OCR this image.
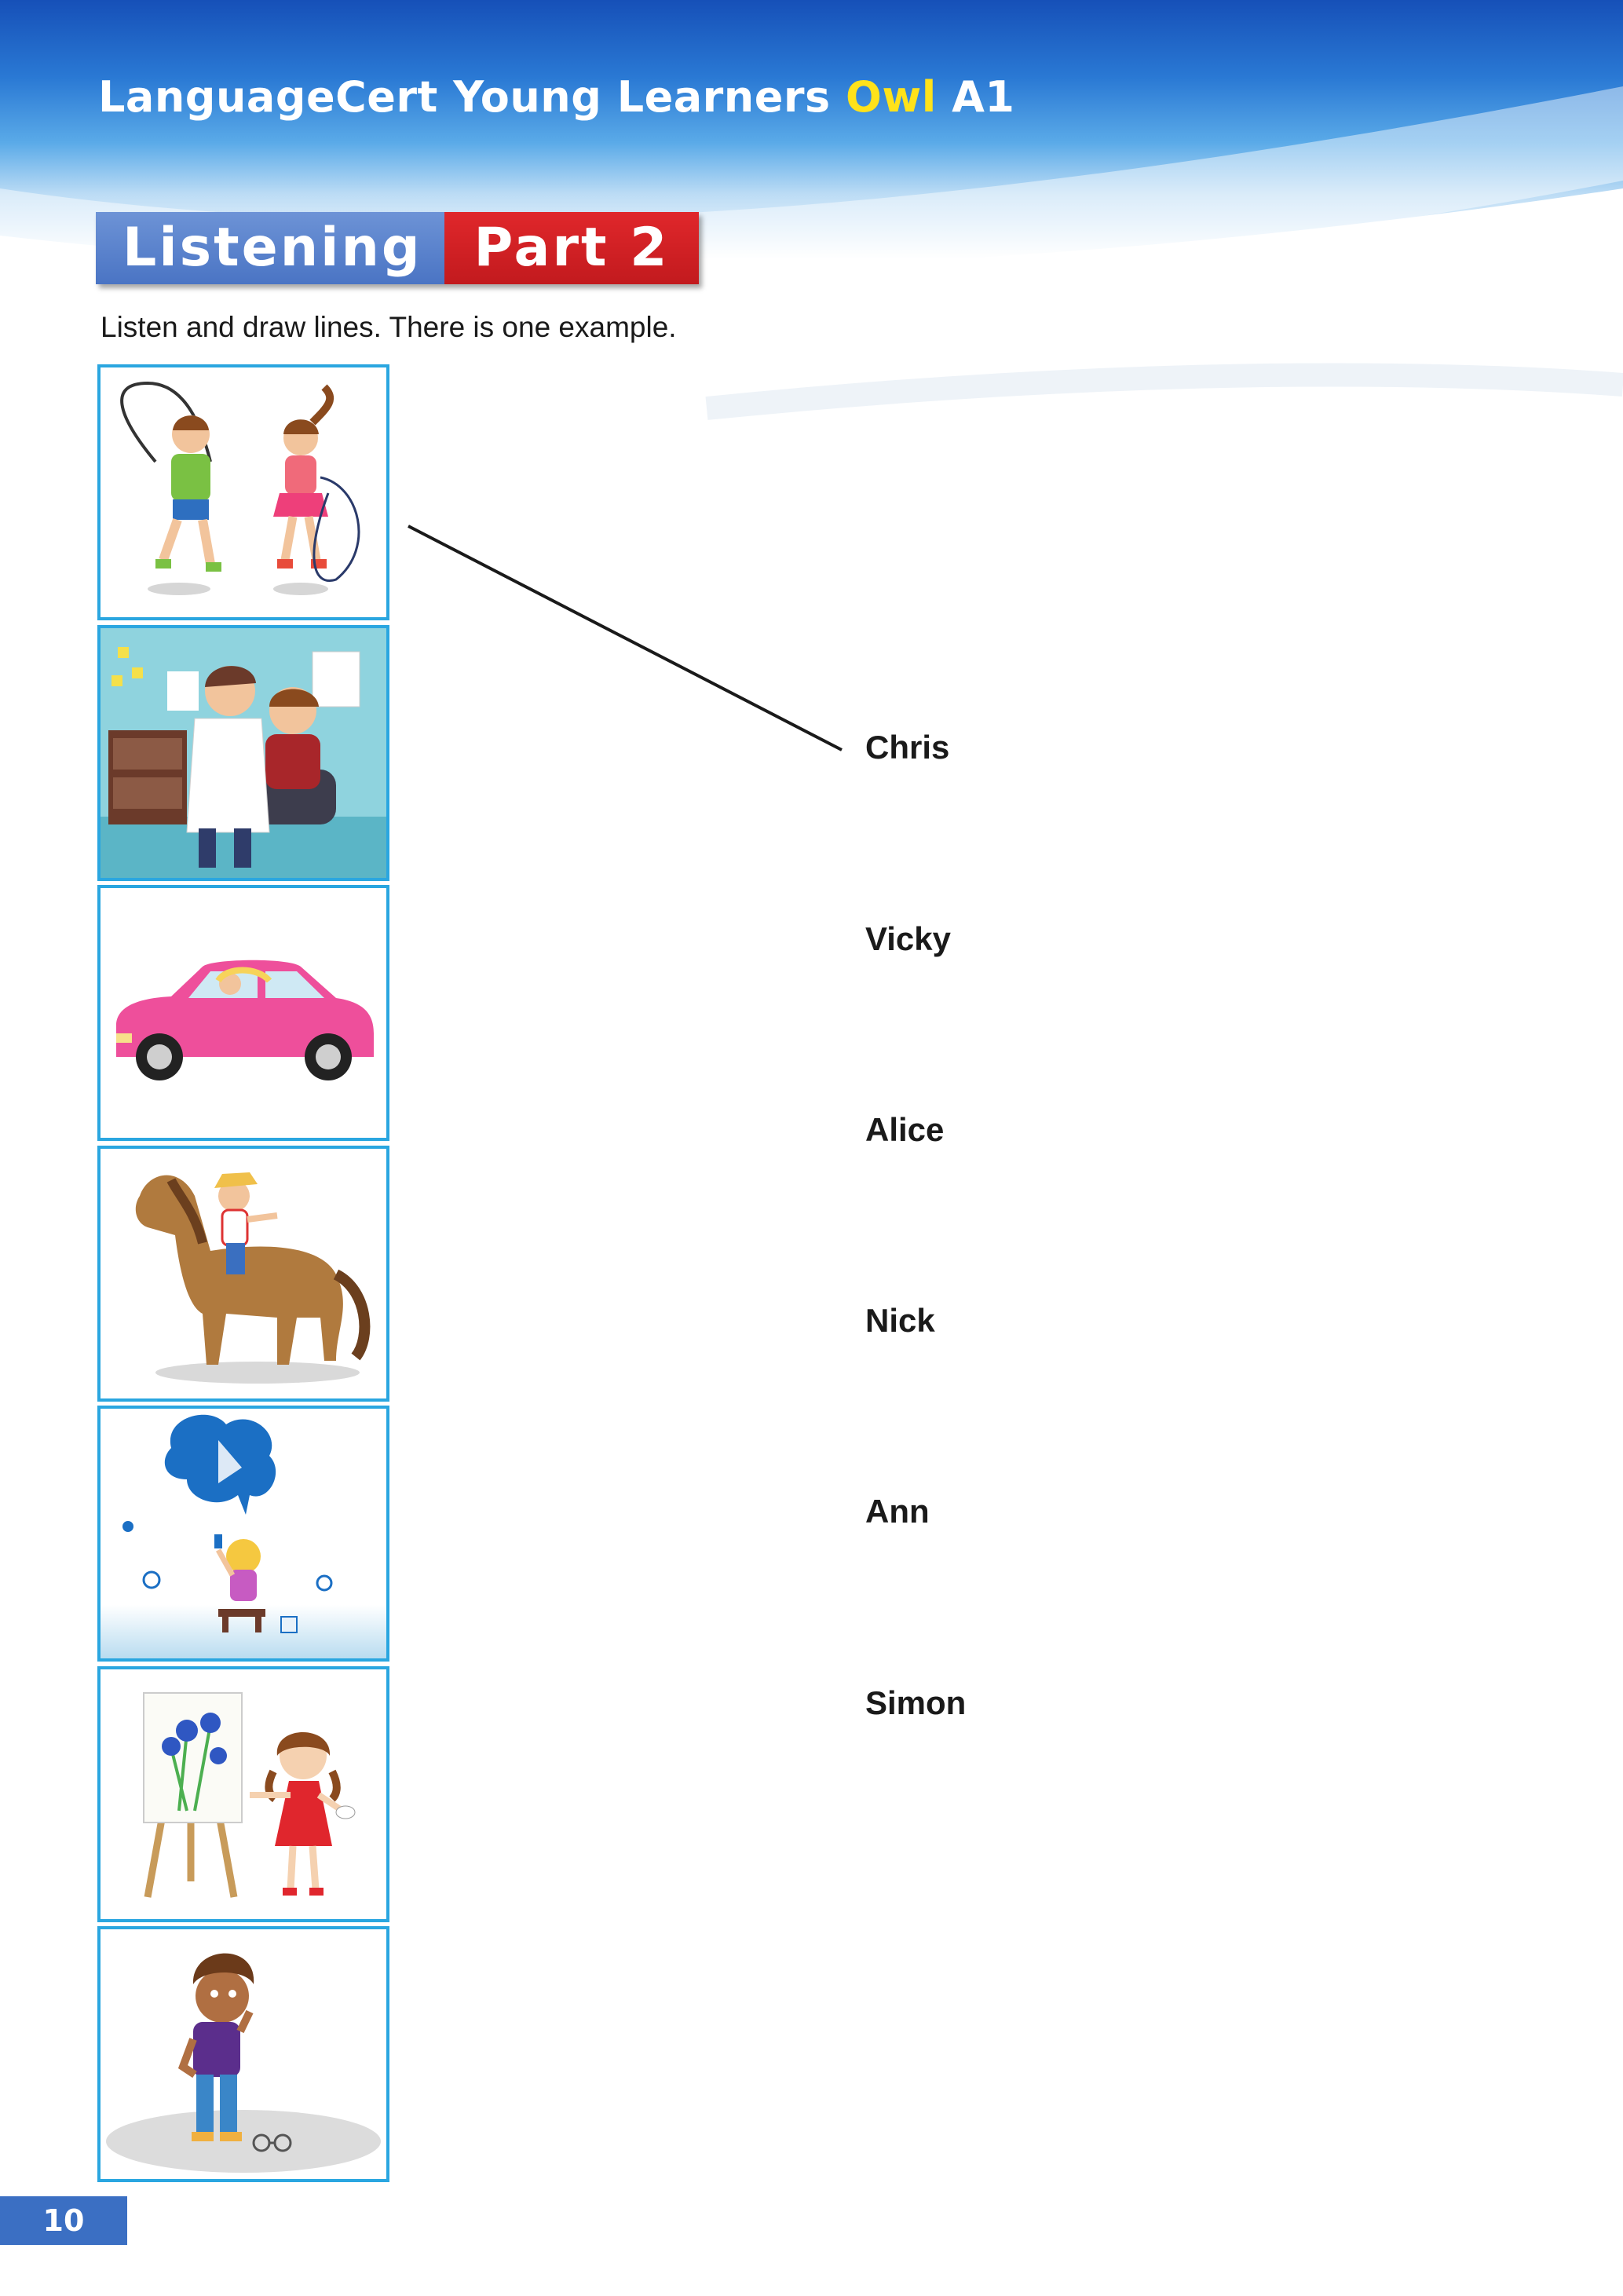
LanguageCert Young Learners Owl A1
Listening Part 2
Listen and draw lines. There is one example.
Chris
Vicky
Alice
Nick
Ann
Simon
10
